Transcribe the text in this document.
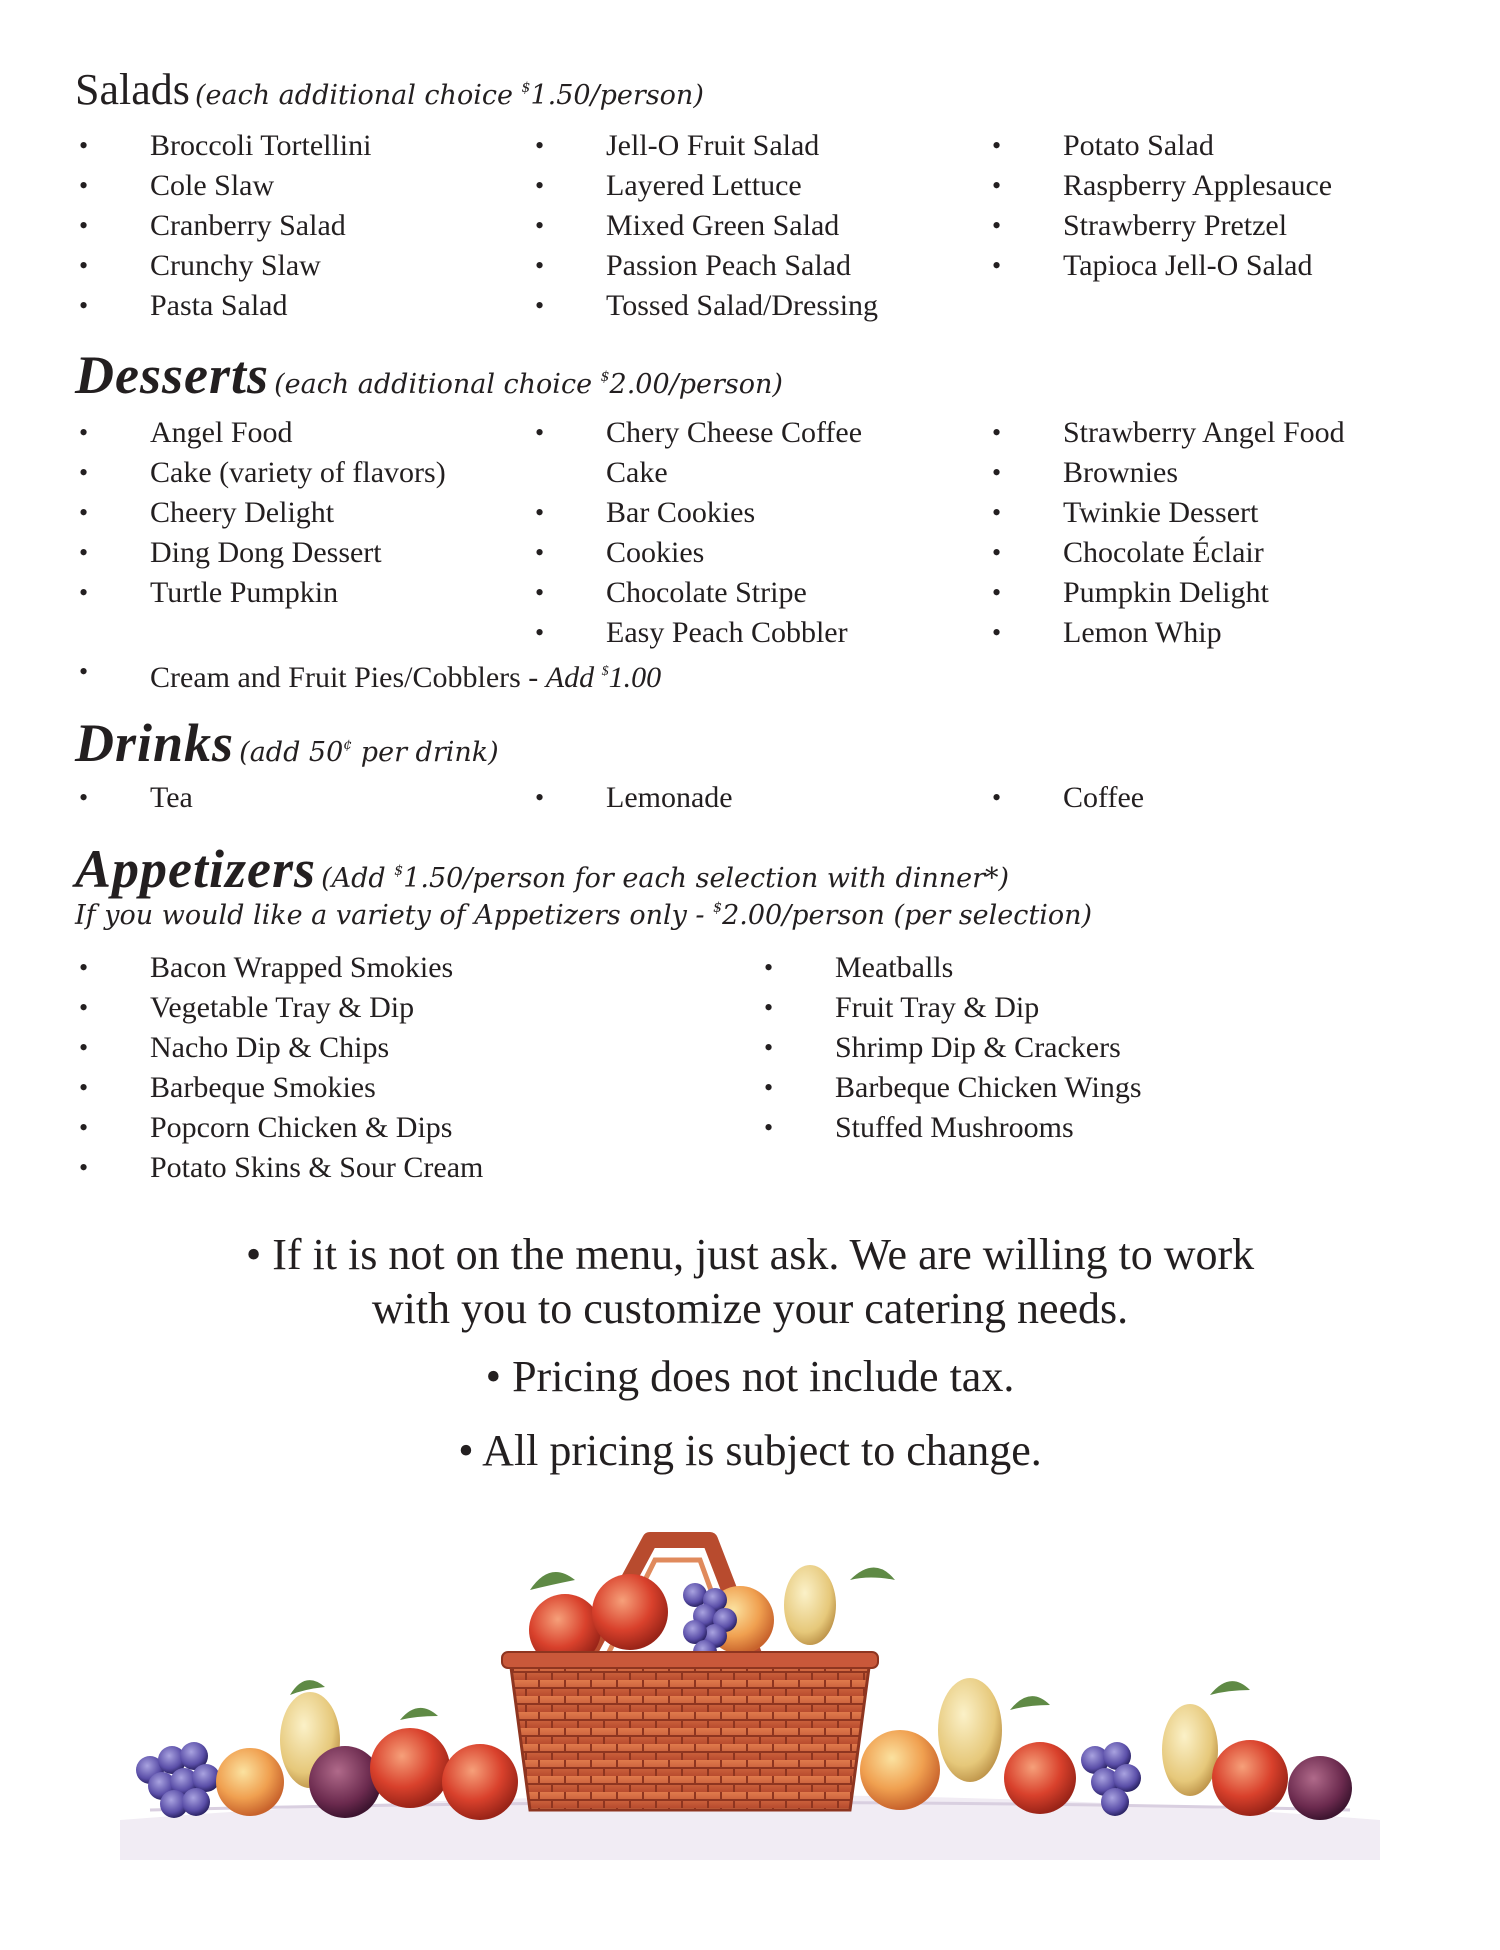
Salads (each additional choice $1.50/person)
• Broccoli Tortellini
• Cole Slaw
• Cranberry Salad
• Crunchy Slaw
• Pasta Salad
• Jell-O Fruit Salad
• Layered Lettuce
• Mixed Green Salad
• Passion Peach Salad
• Tossed Salad/Dressing
• Potato Salad
• Raspberry Applesauce
• Strawberry Pretzel
• Tapioca Jell-O Salad
Desserts (each additional choice $2.00/person)
• Angel Food
• Cake (variety of flavors)
• Cheery Delight
• Ding Dong Dessert
• Turtle Pumpkin
• Chery Cheese Coffee
Cake
• Bar Cookies
• Cookies
• Chocolate Stripe
• Easy Peach Cobbler
• Strawberry Angel Food
• Brownies
• Twinkie Dessert
• Chocolate Éclair
• Pumpkin Delight
• Lemon Whip
• Cream and Fruit Pies/Cobblers - Add $1.00
Drinks (add 50¢ per drink)
• Tea	• Lemonade	• Coffee
Appetizers (Add $1.50/person for each selection with dinner*)
If you would like a variety of Appetizers only - $2.00/person (per selection)
• Bacon Wrapped Smokies
• Vegetable Tray & Dip
• Nacho Dip & Chips
• Barbeque Smokies
• Popcorn Chicken & Dips
• Potato Skins & Sour Cream
• Meatballs
• Fruit Tray & Dip
• Shrimp Dip & Crackers
• Barbeque Chicken Wings
• Stuffed Mushrooms

• If it is not on the menu, just ask. We are willing to work

with you to customize your catering needs.

• Pricing does not include tax.

• All pricing is subject to change.
